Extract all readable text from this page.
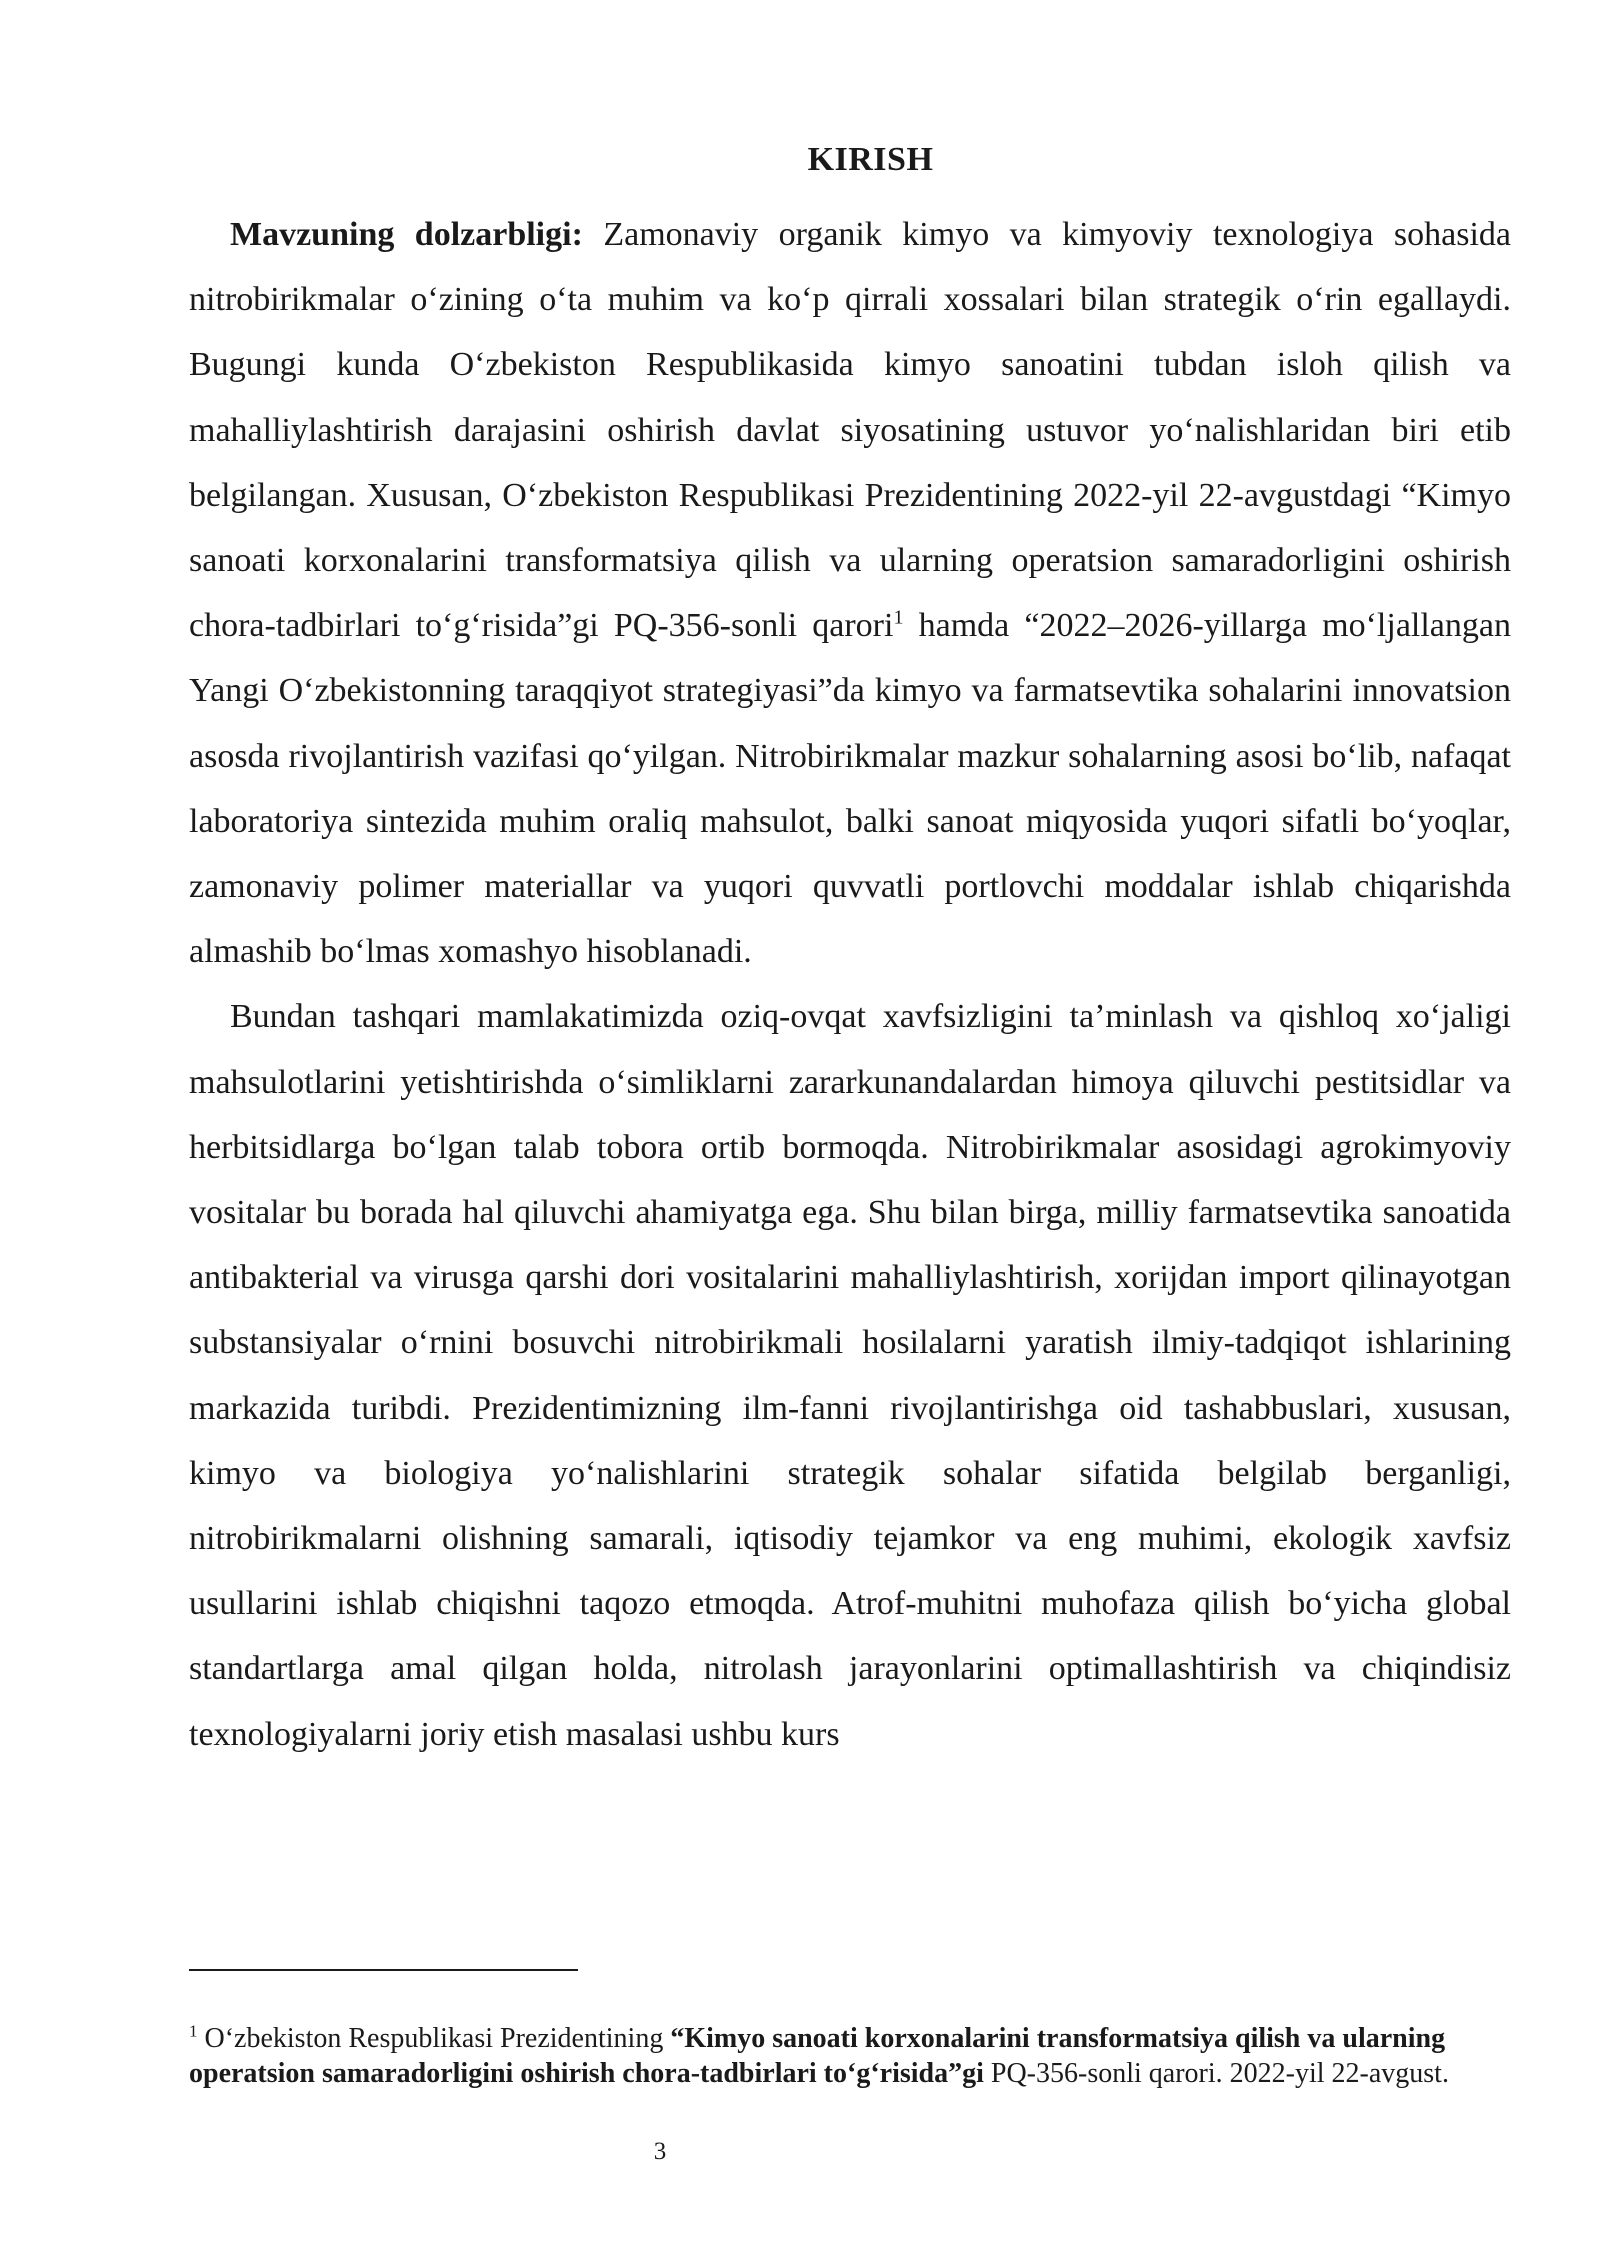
KIRISH

Mavzuning dolzarbligi: Zamonaviy organik kimyo va kimyoviy texnologiya sohasida nitrobirikmalar o‘zining o‘ta muhim va ko‘p qirrali xossalari bilan strategik o‘rin egallaydi. Bugungi kunda O‘zbekiston Respublikasida kimyo sanoatini tubdan isloh qilish va mahalliylashtirish darajasini oshirish davlat siyosatining ustuvor yo‘nalishlaridan biri etib belgilangan. Xususan, O‘zbekiston Respublikasi Prezidentining 2022-yil 22-avgustdagi “Kimyo sanoati korxonalarini transformatsiya qilish va ularning operatsion samaradorligini oshirish chora-tadbirlari to‘g‘risida”gi PQ-356-sonli qarori$^1$ hamda “2022–2026-yillarga mo‘ljallangan Yangi O‘zbekistonning taraqqiyot strategiyasi”da kimyo va farmatsevtika sohalarini innovatsion asosda rivojlantirish vazifasi qo‘yilgan. Nitrobirikmalar mazkur sohalarning asosi bo‘lib, nafaqat laboratoriya sintezida muhim oraliq mahsulot, balki sanoat miqyosida yuqori sifatli bo‘yoqlar, zamonaviy polimer materiallar va yuqori quvvatli portlovchi moddalar ishlab chiqarishda almashib bo‘lmas xomashyo hisoblanadi.

Bundan tashqari mamlakatimizda oziq-ovqat xavfsizligini ta’minlash va qishloq xo‘jaligi mahsulotlarini yetishtirishda o‘simliklarni zararkunandalardan himoya qiluvchi pestitsidlar va herbitsidlarga bo‘lgan talab tobora ortib bormoqda. Nitrobirikmalar asosidagi agrokimyoviy vositalar bu borada hal qiluvchi ahamiyatga ega. Shu bilan birga, milliy farmatsevtika sanoatida antibakterial va virusga qarshi dori vositalarini mahalliylashtirish, xorijdan import qilinayotgan substansiyalar o‘rnini bosuvchi nitrobirikmali hosilalarni yaratish ilmiy-tadqiqot ishlarining markazida turibdi. Prezidentimizning ilm-fanni rivojlantirishga oid tashabbuslari, xususan, kimyo va biologiya yo‘nalishlarini strategik sohalar sifatida belgilab berganligi, nitrobirikmalarni olishning samarali, iqtisodiy tejamkor va eng muhimi, ekologik xavfsiz usullarini ishlab chiqishni taqozo etmoqda. Atrof-muhitni muhofaza qilish bo‘yicha global standartlarga amal qilgan holda, nitrolash jarayonlarini optimallashtirish va chiqindisiz texnologiyalarni joriy etish masalasi ushbu kurs

$^1$ O‘zbekiston Respublikasi Prezidentining “Kimyo sanoati korxonalarini transformatsiya qilish va ularning operatsion samaradorligini oshirish chora-tadbirlari to‘g‘risida”gi PQ-356-sonli qarori. 2022-yil 22-avgust.
3
